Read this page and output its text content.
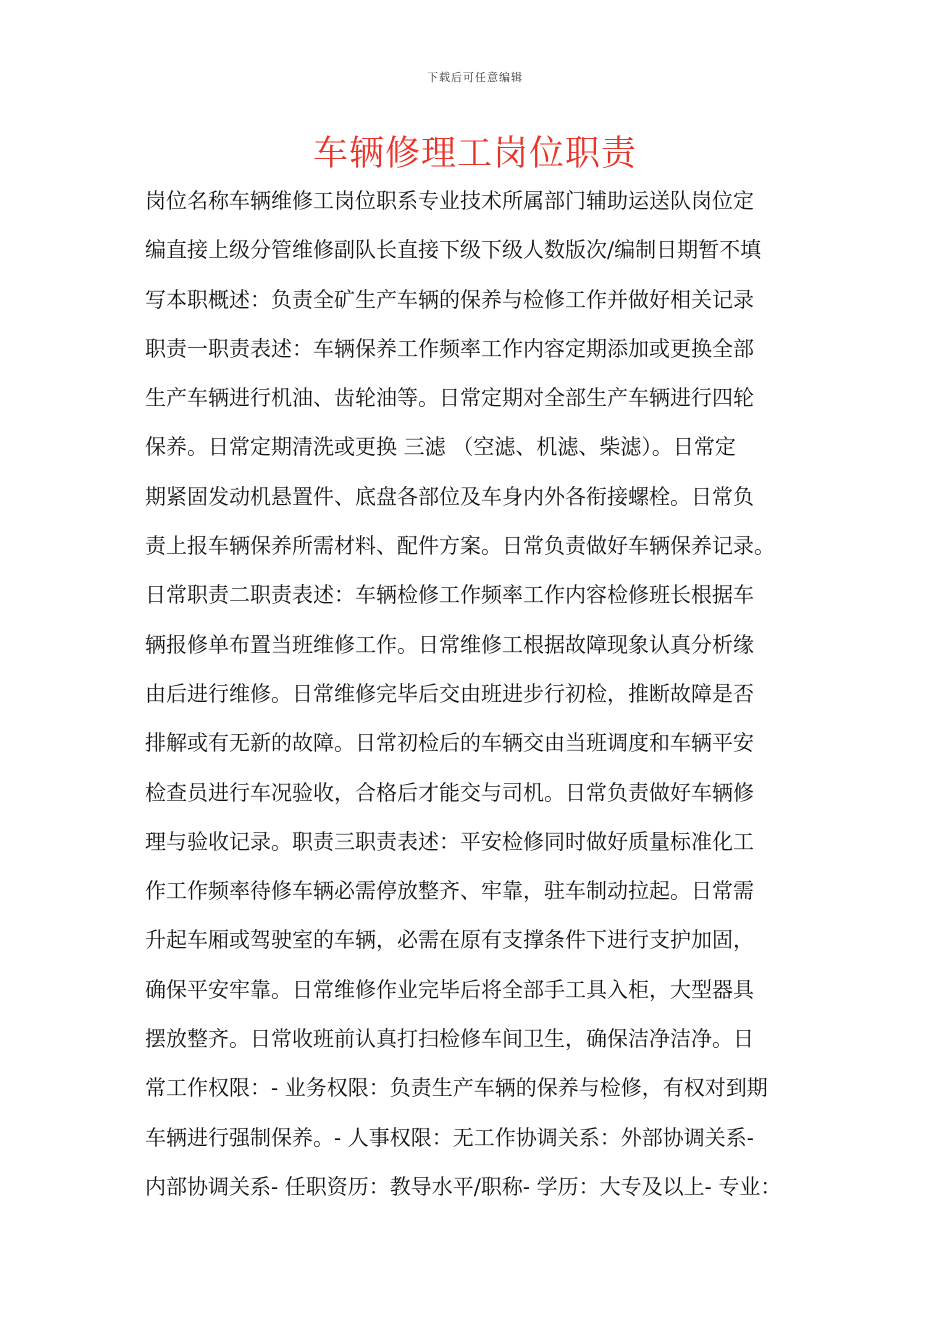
下载后可任意编辑
车辆修理工岗位职责
岗位名称车辆维修工岗位职系专业技术所属部门辅助运送队岗位定
编直接上级分管维修副队长直接下级下级人数版次/编制日期暂不填
写本职概述：负责全矿生产车辆的保养与检修工作并做好相关记录
职责一职责表述：车辆保养工作频率工作内容定期添加或更换全部
生产车辆进行机油、齿轮油等。日常定期对全部生产车辆进行四轮
保养。日常定期清洗或更换 三滤 （空滤、机滤、柴滤）。日常定
期紧固发动机悬置件、底盘各部位及车身内外各衔接螺栓。日常负
责上报车辆保养所需材料、配件方案。日常负责做好车辆保养记录。
日常职责二职责表述：车辆检修工作频率工作内容检修班长根据车
辆报修单布置当班维修工作。日常维修工根据故障现象认真分析缘
由后进行维修。日常维修完毕后交由班进步行初检，推断故障是否
排解或有无新的故障。日常初检后的车辆交由当班调度和车辆平安
检查员进行车况验收，合格后才能交与司机。日常负责做好车辆修
理与验收记录。职责三职责表述：平安检修同时做好质量标准化工
作工作频率待修车辆必需停放整齐、牢靠，驻车制动拉起。日常需
升起车厢或驾驶室的车辆，必需在原有支撑条件下进行支护加固，
确保平安牢靠。日常维修作业完毕后将全部手工具入柜，大型器具
摆放整齐。日常收班前认真打扫检修车间卫生，确保洁净洁净。日
常工作权限：- 业务权限：负责生产车辆的保养与检修，有权对到期
车辆进行强制保养。- 人事权限：无工作协调关系：外部协调关系-
内部协调关系- 任职资历：教导水平/职称- 学历：大专及以上- 专业：
